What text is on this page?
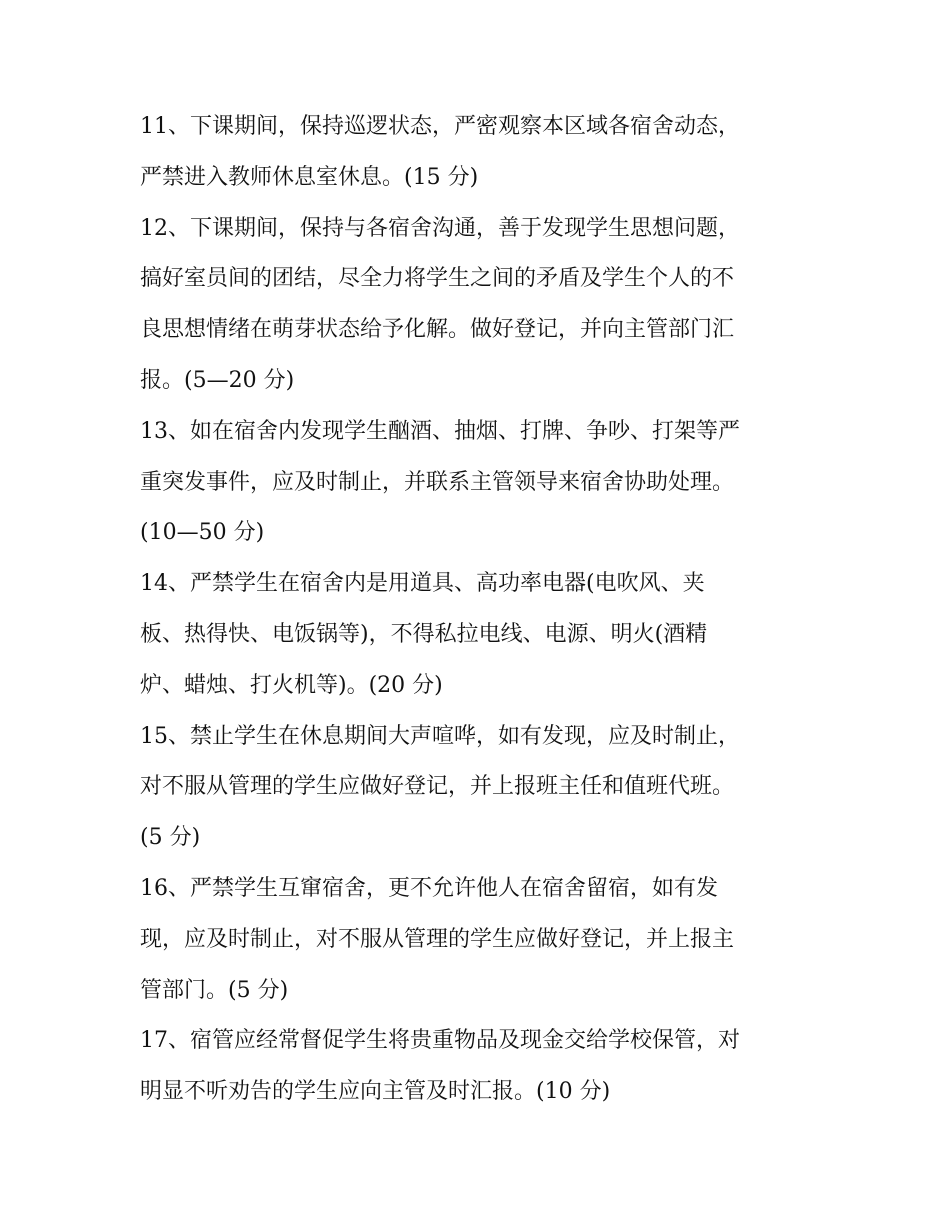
11、下课期间，保持巡逻状态，严密观察本区域各宿舍动态，
严禁进入教师休息室休息。(15 分)
12、下课期间，保持与各宿舍沟通，善于发现学生思想问题，
搞好室员间的团结，尽全力将学生之间的矛盾及学生个人的不
良思想情绪在萌芽状态给予化解。做好登记，并向主管部门汇
报。(5—20 分)
13、如在宿舍内发现学生酗酒、抽烟、打牌、争吵、打架等严
重突发事件，应及时制止，并联系主管领导来宿舍协助处理。
(10—50 分)
14、严禁学生在宿舍内是用道具、高功率电器(电吹风、夹
板、热得快、电饭锅等)，不得私拉电线、电源、明火(酒精
炉、蜡烛、打火机等)。(20 分)
15、禁止学生在休息期间大声喧哗，如有发现，应及时制止，
对不服从管理的学生应做好登记，并上报班主任和值班代班。
(5 分)
16、严禁学生互窜宿舍，更不允许他人在宿舍留宿，如有发
现，应及时制止，对不服从管理的学生应做好登记，并上报主
管部门。(5 分)
17、宿管应经常督促学生将贵重物品及现金交给学校保管，对
明显不听劝告的学生应向主管及时汇报。(10 分)
